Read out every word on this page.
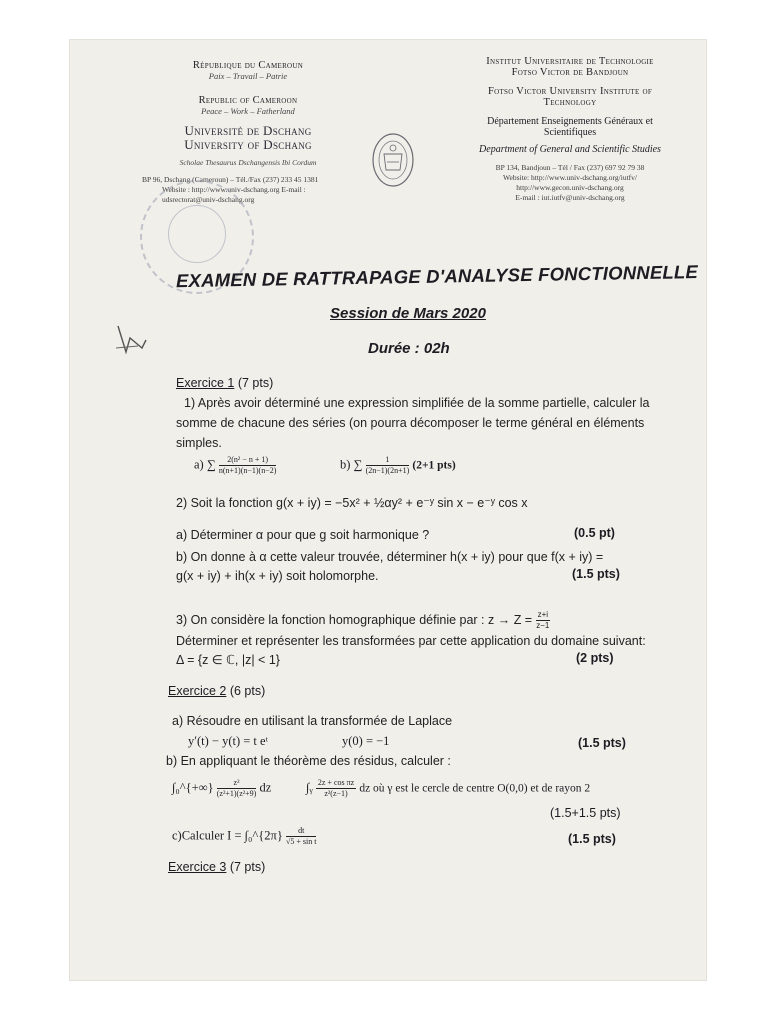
République du Cameroun
Paix – Travail – Patrie
Republic of Cameroon
Peace – Work – Fatherland
Université de Dschang
University of Dschang
Scholae Thesaurus Dschangensis Ibi Cordum
BP 96, Dschang (Cameroun) – Tél./Fax (237) 233 45 1381
Website : http://www.univ-dschang.org E-mail :
udsrectorat@univ-dschang.org
Institut Universitaire de Technologie
Fotso Victor de Bandjoun
Fotso Victor University Institute of
Technology
Département Enseignements Généraux et
Scientifiques
Department of General and Scientific Studies
BP 134, Bandjoun – Tél / Fax (237) 697 92 79 38
Website: http://www.univ-dschang.org/iutfv/
http://www.gecon.univ-dschang.org
E-mail : iut.iutfv@univ-dschang.org
EXAMEN DE RATTRAPAGE D'ANALYSE FONCTIONNELLE
Session de Mars 2020
Durée : 02h
Exercice 1 (7 pts)
1) Après avoir déterminé une expression simplifiée de la somme partielle, calculer la
somme de chacune des séries (on pourra décomposer le terme général en éléments
simples.
a) ∑ $\frac{\text{2(n² − n + 1)}}{n(n+1)(n-1)(n-2)}$	b) ∑ $\frac{1}{(2n-1)(2n+1)} (2+1$ pts)
2) Soit la fonction g(x + iy) = −5x² + ½αy² + e⁻ʸ sin x − e⁻ʸ cos x
a) Déterminer α pour que g soit harmonique ?	(0.5 pt)
b) On donne à α cette valeur trouvée, déterminer h(x + iy) pour que f(x + iy) =
g(x + iy) + ih(x + iy) soit holomorphe.	(1.5 pts)
3) On considère la fonction homographique définie par : $z \to Z = \frac{z+i}{z-1}$
Déterminer et représenter les transformées par cette application du domaine suivant:
Δ = {z ∈ ℂ, |z| < 1}	(2 pts)
Exercice 2 (6 pts)
a) Résoudre en utilisant la transformée de Laplace
y′(t) − y(t) = t eᵗ	y(0) = −1	(1.5 pts)
b) En appliquant le théorème des résidus, calculer :
∫₀^{+∞} $\frac{\text{z²}}{\text{(z²+1)(z²+9)}}$ dz	∫ᵧ $\frac{\text{2z + cos πz}}{\text{z²(z−1)}}$ dz où γ est le cercle de centre O(0,0) et de rayon 2
(1.5+1.5 pts)
c)Calculer I = ∫₀^{2π} $\frac{dt}{\text{√5 + sin t}}$	(1.5 pts)
Exercice 3 (7 pts)
